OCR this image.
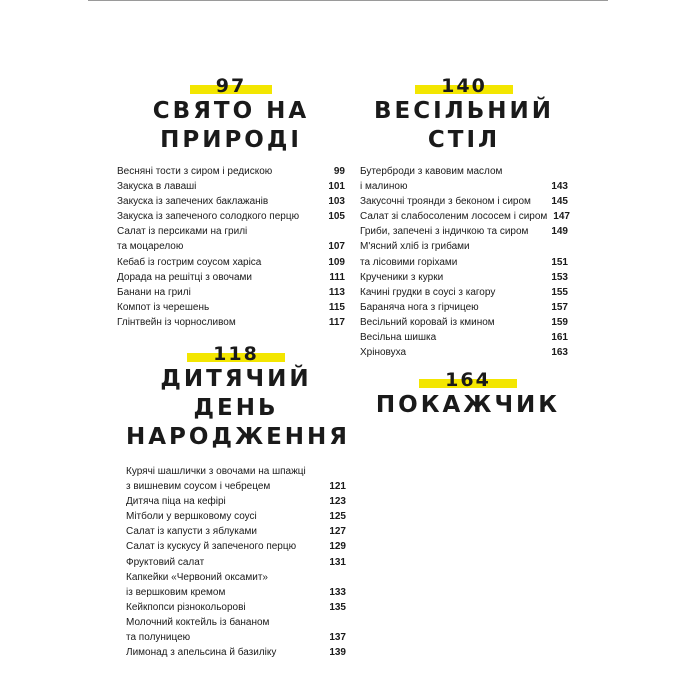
97
СВЯТО НА
ПРИРОДІ
Весняні тости з сиром і редискою	99
Закуска в лаваші	101
Закуска із запечених баклажанів	103
Закуска із запеченого солодкого перцю	105
Салат із персиками на грилі
та моцарелою	107
Кебаб із гострим соусом харіса	109
Дорада на решітці з овочами	111
Банани на грилі	113
Компот із черешень	115
Глінтвейн із чорносливом	117
140
ВЕСІЛЬНИЙ
СТІЛ
Бутерброди з кавовим маслом
і малиною	143
Закусочні троянди з беконом і сиром	145
Салат зі слабосоленим лососем і сиром 147
Гриби, запечені з індичкою та сиром	149
М'ясний хліб із грибами
та лісовими горіхами	151
Крученики з курки	153
Качині грудки в соусі з кагору	155
Баранячa нога з гірчицею	157
Весільний коровай із кмином	159
Весільна шишка	161
Хріновуха	163
118
ДИТЯЧИЙ ДЕНЬ
НАРОДЖЕННЯ
Курячі шашлички з овочами на шпажці
з вишневим соусом і чебрецем	121
Дитяча піца на кефірі	123
Мітболи у вершковому соусі	125
Салат із капусти з яблуками	127
Салат із кускусу й запеченого перцю	129
Фруктовий салат	131
Капкейки «Червоний оксамит»
із вершковим кремом	133
Кейкпопси різнокольорові	135
Молочний коктейль із бананом
та полуницею	137
Лимонад з апельсина й базиліку	139
164
ПОКАЖЧИК
